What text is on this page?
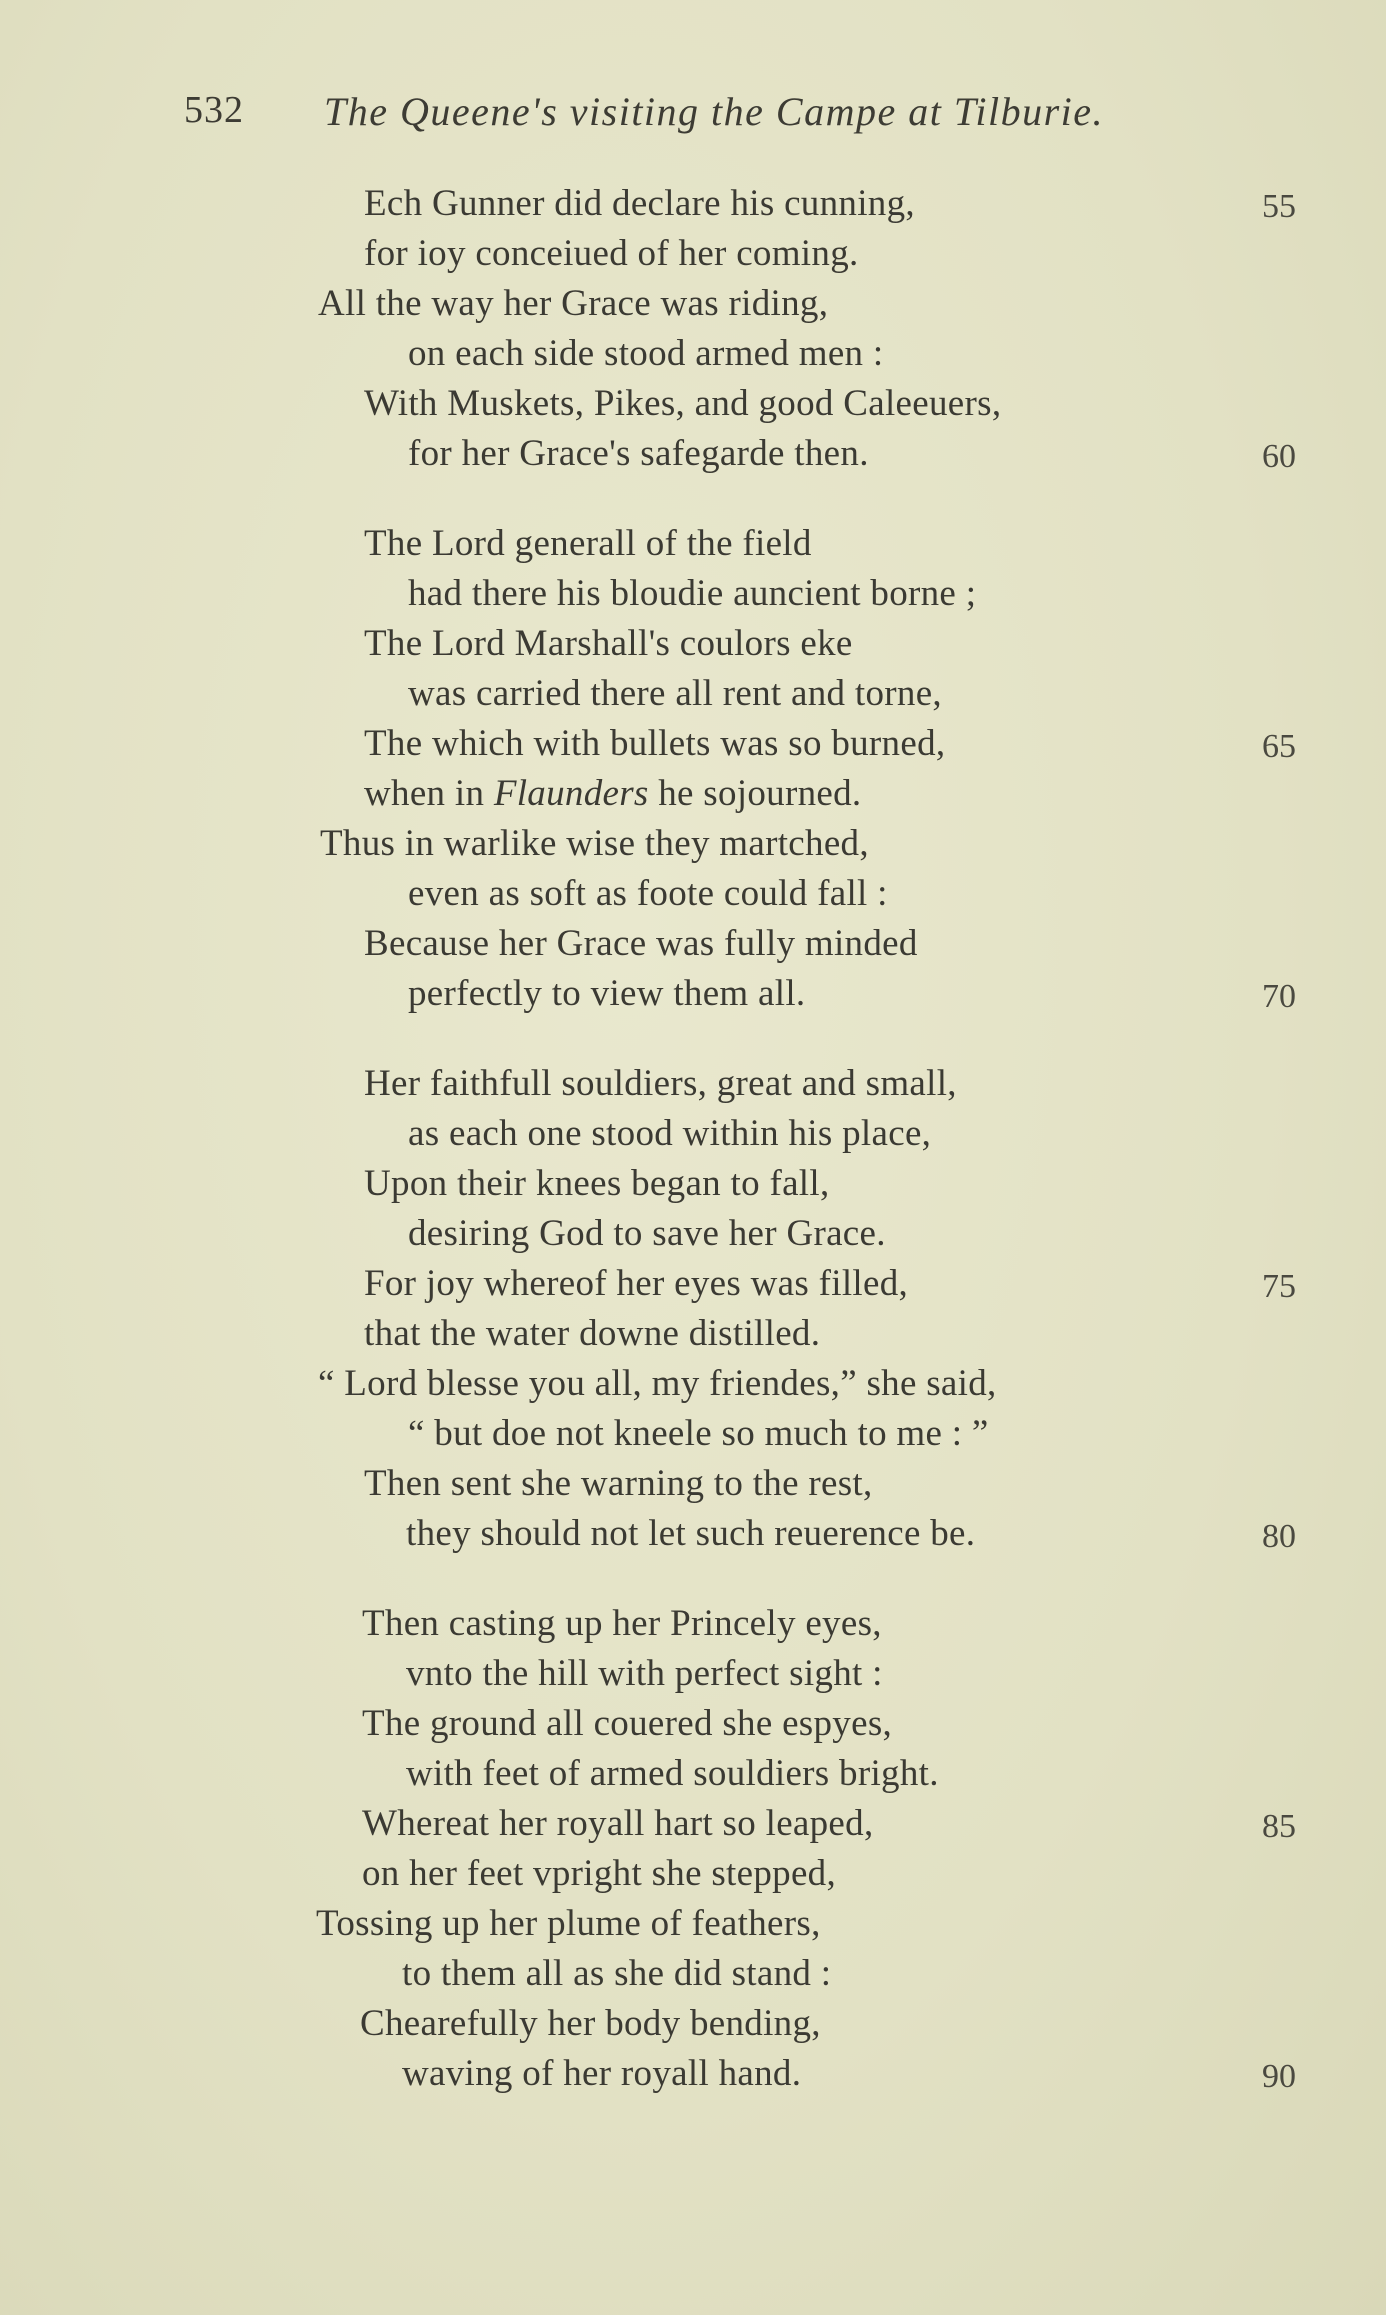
532 The Queene's visiting the Campe at Tilburie.
Ech Gunner did declare his cunning,	55
for ioy conceiued of her coming.
All the way her Grace was riding,
on each side stood armed men :
With Muskets, Pikes, and good Caleeuers,
for her Grace's safegarde then.	60
The Lord generall of the field
had there his bloudie auncient borne ;
The Lord Marshall's coulors eke
was carried there all rent and torne,
The which with bullets was so burned,	65
when in Flaunders he sojourned.
Thus in warlike wise they martched,
even as soft as foote could fall :
Because her Grace was fully minded
perfectly to view them all.	70
Her faithfull souldiers, great and small,
as each one stood within his place,
Upon their knees began to fall,
desiring God to save her Grace.
For joy whereof her eyes was filled,	75
that the water downe distilled.
“ Lord blesse you all, my friendes,” she said,
“ but doe not kneele so much to me : ”
Then sent she warning to the rest,
they should not let such reuerence be.	80
Then casting up her Princely eyes,
vnto the hill with perfect sight :
The ground all couered she espyes,
with feet of armed souldiers bright.
Whereat her royall hart so leaped,	85
on her feet vpright she stepped,
Tossing up her plume of feathers,
to them all as she did stand :
Chearefully her body bending,
waving of her royall hand.	90
